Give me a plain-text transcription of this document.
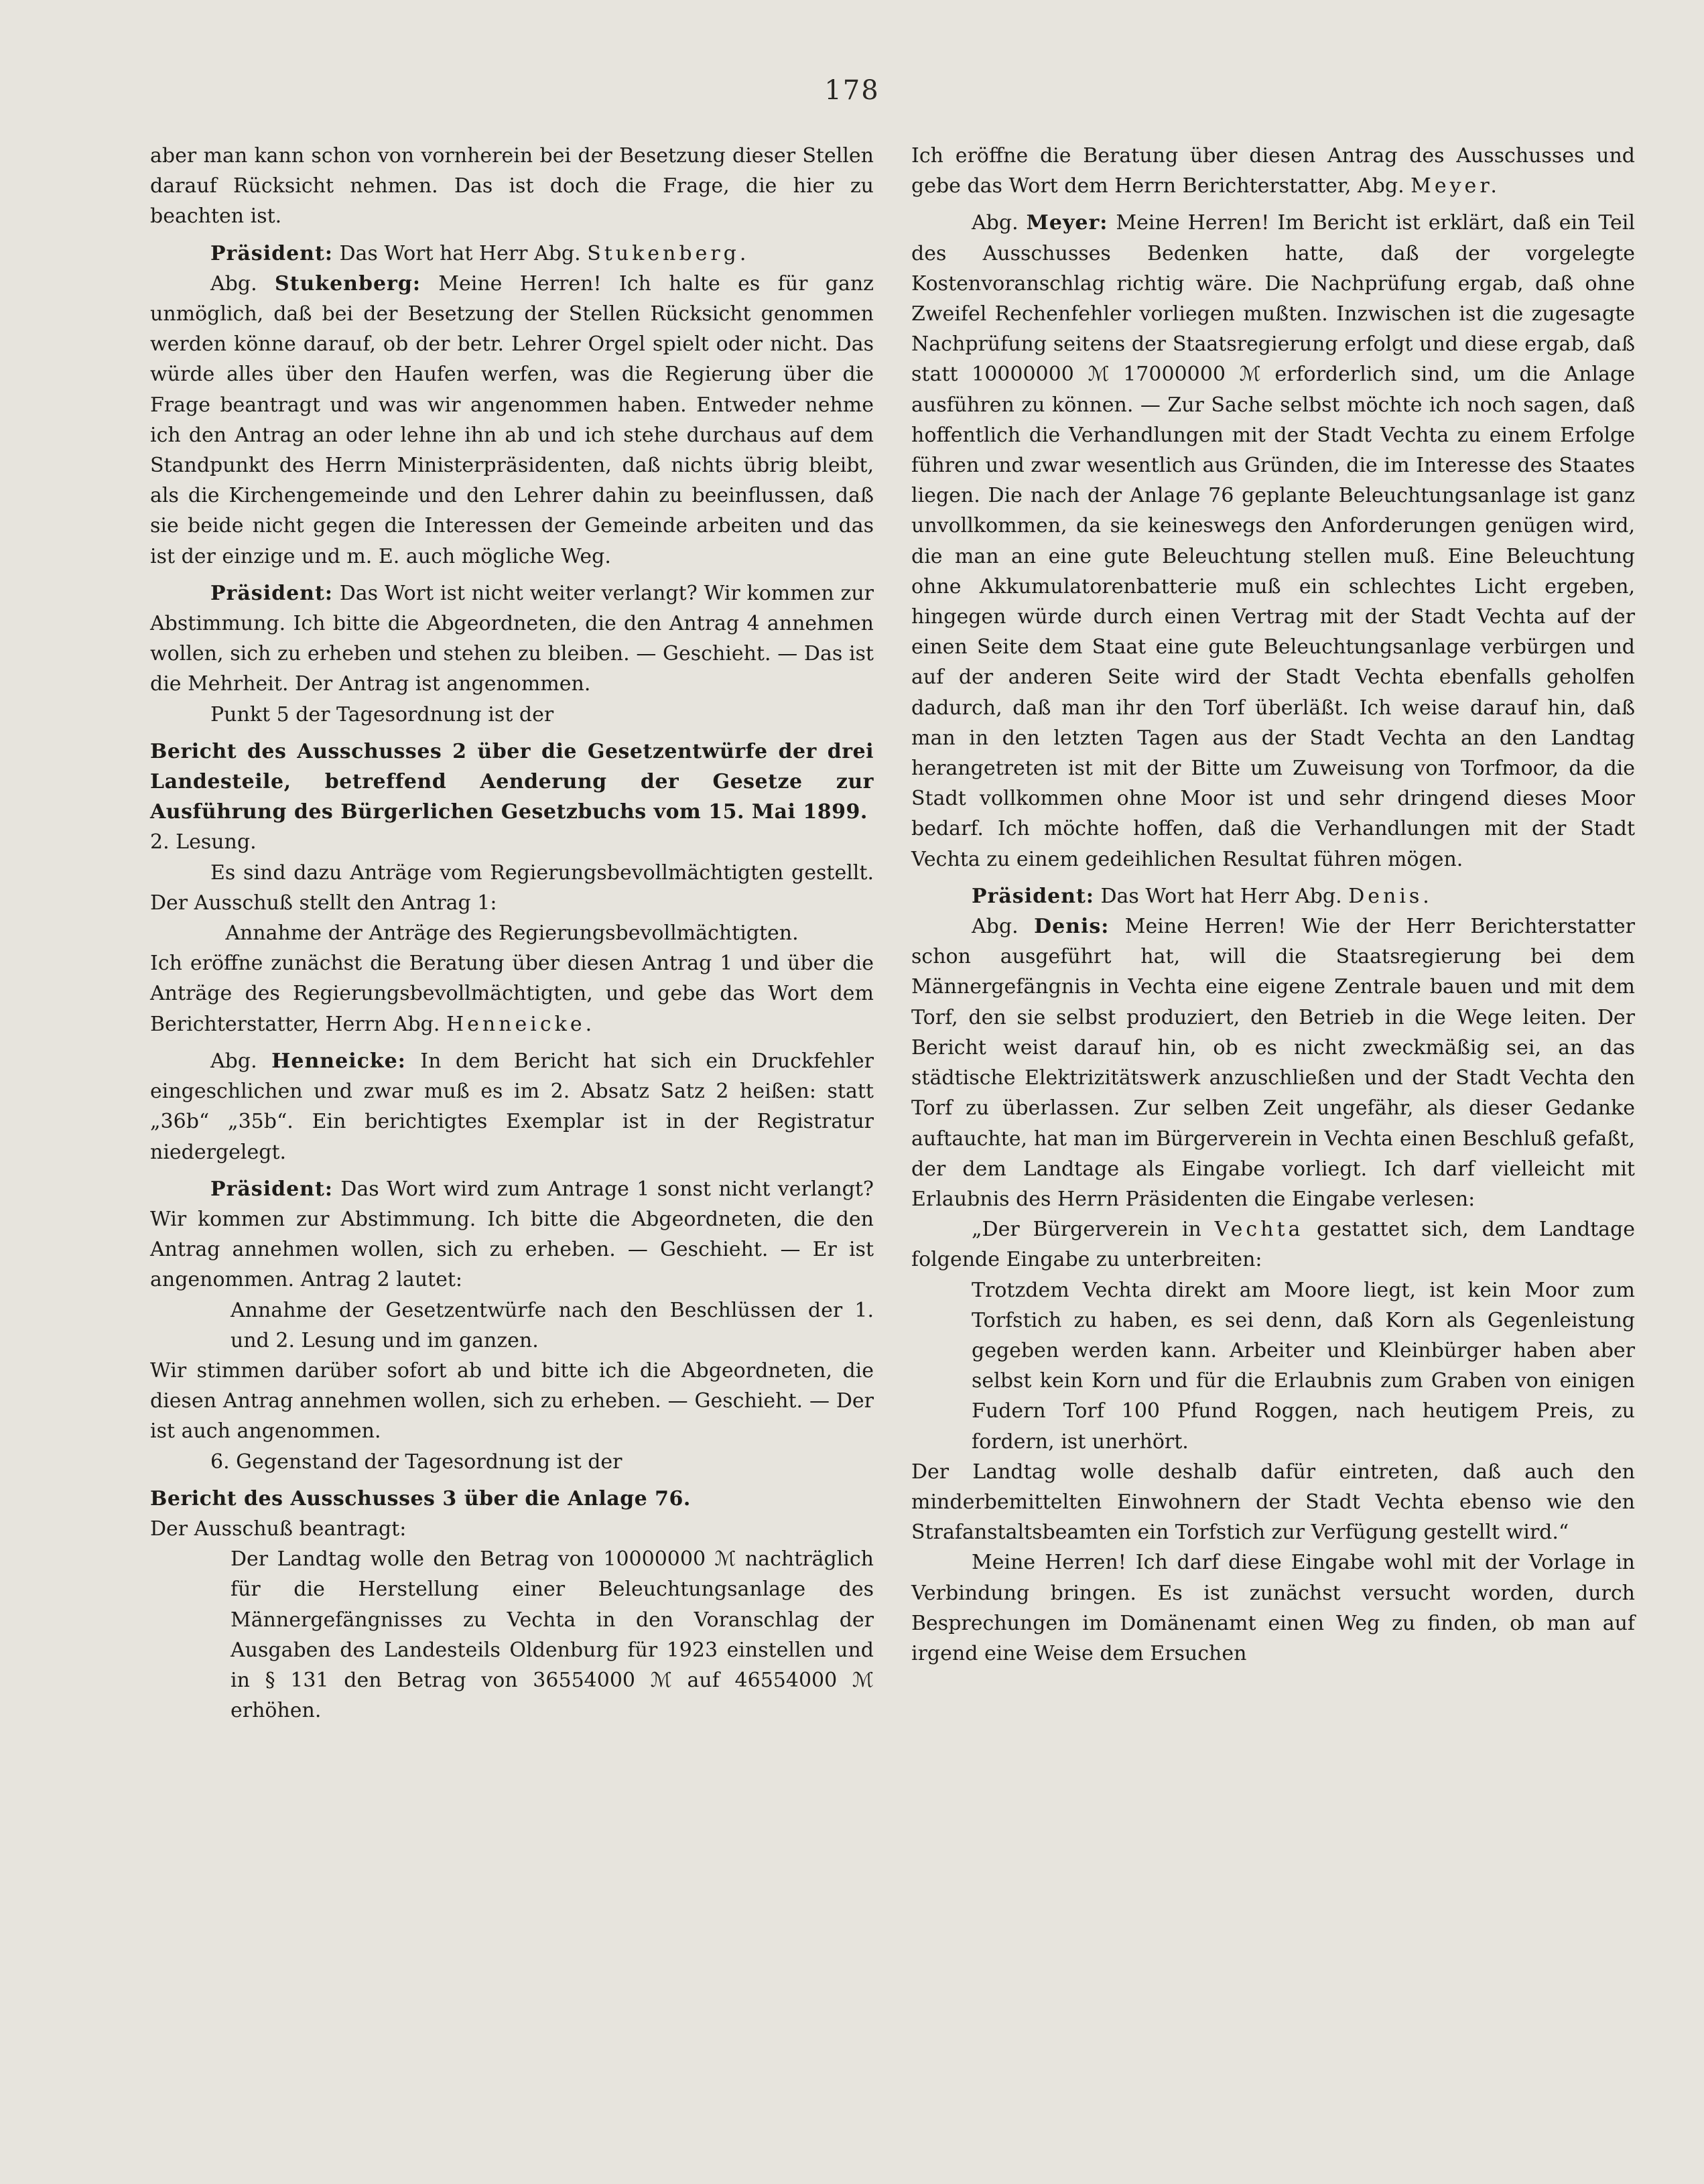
178

aber man kann schon von vornherein bei der Besetzung dieser Stellen darauf Rücksicht nehmen. Das ist doch die Frage, die hier zu beachten ist.

Präsident: Das Wort hat Herr Abg. Stukenberg.

Abg. Stukenberg: Meine Herren! Ich halte es für ganz unmöglich, daß bei der Besetzung der Stellen Rücksicht genommen werden könne darauf, ob der betr. Lehrer Orgel spielt oder nicht. Das würde alles über den Haufen werfen, was die Regierung über die Frage beantragt und was wir angenommen haben. Entweder nehme ich den Antrag an oder lehne ihn ab und ich stehe durchaus auf dem Standpunkt des Herrn Ministerpräsidenten, daß nichts übrig bleibt, als die Kirchengemeinde und den Lehrer dahin zu beeinflussen, daß sie beide nicht gegen die Interessen der Gemeinde arbeiten und das ist der einzige und m. E. auch mögliche Weg.

Präsident: Das Wort ist nicht weiter verlangt? Wir kommen zur Abstimmung. Ich bitte die Abgeordneten, die den Antrag 4 annehmen wollen, sich zu erheben und stehen zu bleiben. — Geschieht. — Das ist die Mehrheit. Der Antrag ist angenommen.

Punkt 5 der Tagesordnung ist der

Bericht des Ausschusses 2 über die Gesetzentwürfe der drei Landesteile, betreffend Aenderung der Gesetze zur Ausführung des Bürgerlichen Gesetzbuchs vom 15. Mai 1899.

2. Lesung.

Es sind dazu Anträge vom Regierungsbevollmächtigten gestellt. Der Ausschuß stellt den Antrag 1:

Annahme der Anträge des Regierungsbevollmächtigten.

Ich eröffne zunächst die Beratung über diesen Antrag 1 und über die Anträge des Regierungsbevollmächtigten, und gebe das Wort dem Berichterstatter, Herrn Abg. Henneicke.

Abg. Henneicke: In dem Bericht hat sich ein Druckfehler eingeschlichen und zwar muß es im 2. Absatz Satz 2 heißen: statt „36b“ „35b“. Ein berichtigtes Exemplar ist in der Registratur niedergelegt.

Präsident: Das Wort wird zum Antrage 1 sonst nicht verlangt? Wir kommen zur Abstimmung. Ich bitte die Abgeordneten, die den Antrag annehmen wollen, sich zu erheben. — Geschieht. — Er ist angenommen. Antrag 2 lautet:

Annahme der Gesetzentwürfe nach den Beschlüssen der 1. und 2. Lesung und im ganzen.

Wir stimmen darüber sofort ab und bitte ich die Abgeordneten, die diesen Antrag annehmen wollen, sich zu erheben. — Geschieht. — Der ist auch angenommen.

6. Gegenstand der Tagesordnung ist der

Bericht des Ausschusses 3 über die Anlage 76.

Der Ausschuß beantragt:

Der Landtag wolle den Betrag von 10000000 ℳ nachträglich für die Herstellung einer Beleuchtungsanlage des Männergefängnisses zu Vechta in den Voranschlag der Ausgaben des Landesteils Oldenburg für 1923 einstellen und in § 131 den Betrag von 36554000 ℳ auf 46554000 ℳ erhöhen.

Ich eröffne die Beratung über diesen Antrag des Ausschusses und gebe das Wort dem Herrn Berichterstatter, Abg. Meyer.

Abg. Meyer: Meine Herren! Im Bericht ist erklärt, daß ein Teil des Ausschusses Bedenken hatte, daß der vorgelegte Kostenvoranschlag richtig wäre. Die Nachprüfung ergab, daß ohne Zweifel Rechenfehler vorliegen mußten. Inzwischen ist die zugesagte Nachprüfung seitens der Staatsregierung erfolgt und diese ergab, daß statt 10000000 ℳ 17000000 ℳ erforderlich sind, um die Anlage ausführen zu können. — Zur Sache selbst möchte ich noch sagen, daß hoffentlich die Verhandlungen mit der Stadt Vechta zu einem Erfolge führen und zwar wesentlich aus Gründen, die im Interesse des Staates liegen. Die nach der Anlage 76 geplante Beleuchtungsanlage ist ganz unvollkommen, da sie keineswegs den Anforderungen genügen wird, die man an eine gute Beleuchtung stellen muß. Eine Beleuchtung ohne Akkumulatorenbatterie muß ein schlechtes Licht ergeben, hingegen würde durch einen Vertrag mit der Stadt Vechta auf der einen Seite dem Staat eine gute Beleuchtungsanlage verbürgen und auf der anderen Seite wird der Stadt Vechta ebenfalls geholfen dadurch, daß man ihr den Torf überläßt. Ich weise darauf hin, daß man in den letzten Tagen aus der Stadt Vechta an den Landtag herangetreten ist mit der Bitte um Zuweisung von Torfmoor, da die Stadt vollkommen ohne Moor ist und sehr dringend dieses Moor bedarf. Ich möchte hoffen, daß die Verhandlungen mit der Stadt Vechta zu einem gedeihlichen Resultat führen mögen.

Präsident: Das Wort hat Herr Abg. Denis.

Abg. Denis: Meine Herren! Wie der Herr Berichterstatter schon ausgeführt hat, will die Staatsregierung bei dem Männergefängnis in Vechta eine eigene Zentrale bauen und mit dem Torf, den sie selbst produziert, den Betrieb in die Wege leiten. Der Bericht weist darauf hin, ob es nicht zweckmäßig sei, an das städtische Elektrizitätswerk anzuschließen und der Stadt Vechta den Torf zu überlassen. Zur selben Zeit ungefähr, als dieser Gedanke auftauchte, hat man im Bürgerverein in Vechta einen Beschluß gefaßt, der dem Landtage als Eingabe vorliegt. Ich darf vielleicht mit Erlaubnis des Herrn Präsidenten die Eingabe verlesen:

„Der Bürgerverein in Vechta gestattet sich, dem Landtage folgende Eingabe zu unterbreiten:

Trotzdem Vechta direkt am Moore liegt, ist kein Moor zum Torfstich zu haben, es sei denn, daß Korn als Gegenleistung gegeben werden kann. Arbeiter und Kleinbürger haben aber selbst kein Korn und für die Erlaubnis zum Graben von einigen Fudern Torf 100 Pfund Roggen, nach heutigem Preis, zu fordern, ist unerhört.

Der Landtag wolle deshalb dafür eintreten, daß auch den minderbemittelten Einwohnern der Stadt Vechta ebenso wie den Strafanstaltsbeamten ein Torfstich zur Verfügung gestellt wird.“

Meine Herren! Ich darf diese Eingabe wohl mit der Vorlage in Verbindung bringen. Es ist zunächst versucht worden, durch Besprechungen im Domänenamt einen Weg zu finden, ob man auf irgend eine Weise dem Ersuchen
